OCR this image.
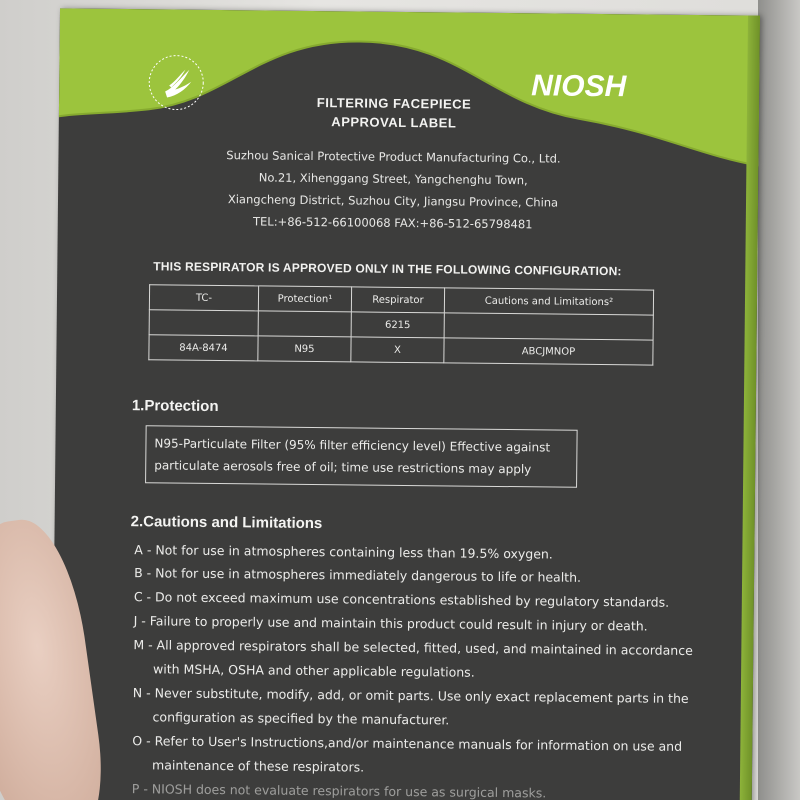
NIOSH
FILTERING FACEPIECE
APPROVAL LABEL
Suzhou Sanical Protective Product Manufacturing Co., Ltd.
No.21, Xihenggang Street, Yangchenghu Town,
Xiangcheng District, Suzhou City, Jiangsu Province, China
TEL:+86-512-66100068 FAX:+86-512-65798481
THIS RESPIRATOR IS APPROVED ONLY IN THE FOLLOWING CONFIGURATION:
TC-	Protection¹	Respirator	Cautions and Limitations²
		6215	
84A-8474	N95	X	ABCJMNOP
1.Protection
N95-Particulate Filter (95% filter efficiency level) Effective against
particulate aerosols free of oil; time use restrictions may apply
2.Cautions and Limitations
A - Not for use in atmospheres containing less than 19.5% oxygen.
B - Not for use in atmospheres immediately dangerous to life or health.
C - Do not exceed maximum use concentrations established by regulatory standards.
J - Failure to properly use and maintain this product could result in injury or death.
M - All approved respirators shall be selected, fitted, used, and maintained in accordance
with MSHA, OSHA and other applicable regulations.
N - Never substitute, modify, add, or omit parts. Use only exact replacement parts in the
configuration as specified by the manufacturer.
O - Refer to User's Instructions,and/or maintenance manuals for information on use and
maintenance of these respirators.
P - NIOSH does not evaluate respirators for use as surgical masks.
